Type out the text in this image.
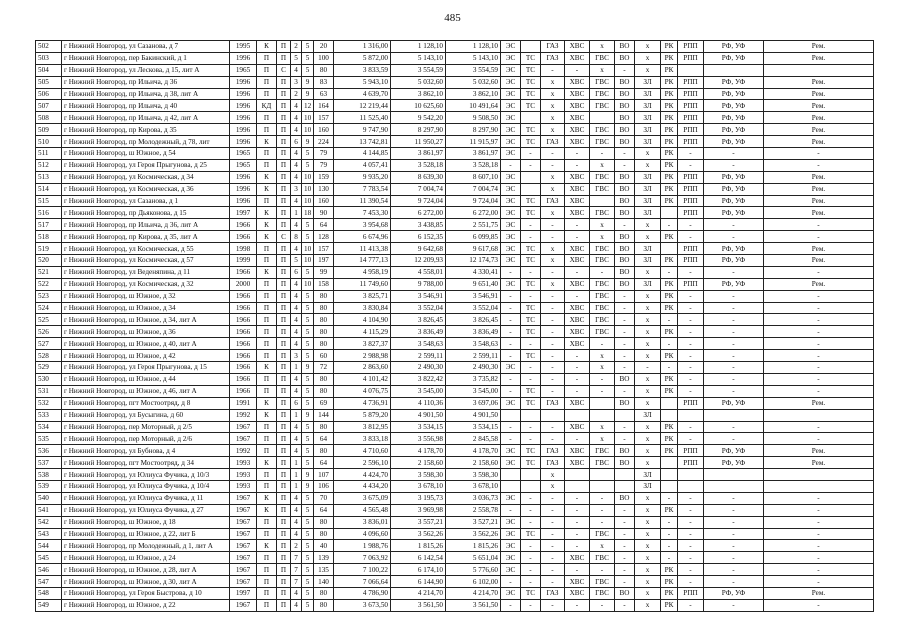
485
502	г Нижний Новгород, ул Сазанова, д 7	1995	К	П	2	5	20	1 316,00	1 128,10	1 128,10	ЭС		ГАЗ	ХВС	х	ВО	х	РК	РПП	РФ, УФ	Рем.
503	г Нижний Новгород, пер Бакинский, д 1	1996	П	П	5	5	100	5 872,00	5 143,10	5 143,10	ЭС	ТС	ГАЗ	ХВС	ГВС	ВО	х	РК	РПП	РФ, УФ	Рем.
504	г Нижний Новгород, ул Лескова, д 15, лит А	1965	П	С	4	5	80	3 833,59	3 554,59	3 554,59	ЭС	ТС	-	-	х	-	х	РК			
505	г Нижний Новгород, пр Ильича, д 36	1996	П	П	3	9	83	5 943,10	5 032,60	5 032,60	ЭС	ТС	х	ХВС	ГВС	ВО	ЗЛ	РК	РПП	РФ, УФ	Рем.
506	г Нижний Новгород, пр Ильича, д 38, лит А	1996	П	П	2	9	63	4 639,70	3 862,10	3 862,10	ЭС	ТС	х	ХВС	ГВС	ВО	ЗЛ	РК	РПП	РФ, УФ	Рем.
507	г Нижний Новгород, пр Ильича, д 40	1996	КД	П	4	12	164	12 219,44	10 625,60	10 491,64	ЭС	ТС	х	ХВС	ГВС	ВО	ЗЛ	РК	РПП	РФ, УФ	Рем.
508	г Нижний Новгород, пр Ильича, д 42, лит А	1996	П	П	4	10	157	11 525,40	9 542,20	9 508,50	ЭС		х	ХВС		ВО	ЗЛ	РК	РПП	РФ, УФ	Рем.
509	г Нижний Новгород, пр Кирова, д 35	1996	П	П	4	10	160	9 747,90	8 297,90	8 297,90	ЭС	ТС	х	ХВС	ГВС	ВО	ЗЛ	РК	РПП	РФ, УФ	Рем.
510	г Нижний Новгород, пр Молодежный, д 78, лит	1996	К	П	6	9	224	13 742,81	11 950,27	11 915,97	ЭС	ТС	ГАЗ	ХВС	ГВС	ВО	ЗЛ	РК	РПП	РФ, УФ	Рем.
511	г Нижний Новгород, ш Южное, д 54	1965	П	П	4	5	79	4 144,85	3 861,97	3 861,97	ЭС	-	-	-	-	-	х	РК	-	-	-
512	г Нижний Новгород, ул Героя Прыгунова, д 25	1965	П	П	4	5	79	4 057,41	3 528,18	3 528,18	-	-	-	-	х	-	х	РК	-	-	-
513	г Нижний Новгород, ул Космическая, д 34	1996	К	П	4	10	159	9 935,20	8 639,30	8 607,10	ЭС		х	ХВС	ГВС	ВО	ЗЛ	РК	РПП	РФ, УФ	Рем.
514	г Нижний Новгород, ул Космическая, д 36	1996	К	П	3	10	130	7 783,54	7 004,74	7 004,74	ЭС		х	ХВС	ГВС	ВО	ЗЛ	РК	РПП	РФ, УФ	Рем.
515	г Нижний Новгород, ул Сазанова, д 1	1996	П	П	4	10	160	11 390,54	9 724,04	9 724,04	ЭС	ТС	ГАЗ	ХВС		ВО	ЗЛ	РК	РПП	РФ, УФ	Рем.
516	г Нижний Новгород, пр Дьяконова, д 15	1997	К	П	1	18	90	7 453,30	6 272,00	6 272,00	ЭС	ТС	х	ХВС	ГВС	ВО	ЗЛ		РПП	РФ, УФ	Рем.
517	г Нижний Новгород, пр Ильича, д 36, лит А	1966	К	П	4	5	64	3 954,68	3 438,85	2 551,75	ЭС	-	-	-	х	-	х	-	-	-	-
518	г Нижний Новгород, пр Кирова, д 35, лит А	1966	К	С	8	5	128	6 674,96	6 152,35	6 099,85	ЭС	-	-	-	х	ВО	х	РК	-	-	-
519	г Нижний Новгород, ул Космическая, д 55	1998	П	П	4	10	157	11 413,38	9 642,68	9 617,68	ЭС	ТС	х	ХВС	ГВС	ВО	ЗЛ		РПП	РФ, УФ	Рем.
520	г Нижний Новгород, ул Космическая, д 57	1999	П	П	5	10	197	14 777,13	12 209,93	12 174,73	ЭС	ТС	х	ХВС	ГВС	ВО	ЗЛ	РК	РПП	РФ, УФ	Рем.
521	г Нижний Новгород, ул Веденяпина, д 11	1966	К	П	6	5	99	4 958,19	4 558,01	4 330,41	-	-	-	-	-	ВО	х	-	-	-	-
522	г Нижний Новгород, ул Космическая, д 32	2000	П	П	4	10	158	11 749,60	9 788,00	9 651,40	ЭС	ТС	х	ХВС	ГВС	ВО	ЗЛ	РК	РПП	РФ, УФ	Рем.
523	г Нижний Новгород, ш Южное, д 32	1966	П	П	4	5	80	3 825,71	3 546,91	3 546,91	-	-	-	-	ГВС	-	х	РК	-	-	-
524	г Нижний Новгород, ш Южное, д 34	1966	П	П	4	5	80	3 830,84	3 552,04	3 552,04	-	ТС	-	ХВС	ГВС	-	х	РК	-	-	-
525	г Нижний Новгород, ш Южное, д 34, лит А	1966	П	П	4	5	80	4 104,90	3 826,45	3 826,45	-	ТС	-	ХВС	ГВС	-	х	-	-	-	-
526	г Нижний Новгород, ш Южное, д 36	1966	П	П	4	5	80	4 115,29	3 836,49	3 836,49	-	ТС	-	ХВС	ГВС	-	х	РК	-	-	-
527	г Нижний Новгород, ш Южное, д 40, лит А	1966	П	П	4	5	80	3 827,37	3 548,63	3 548,63	-	-	-	ХВС	-	-	х	-	-	-	-
528	г Нижний Новгород, ш Южное, д 42	1966	П	П	3	5	60	2 988,98	2 599,11	2 599,11	-	ТС	-	-	х	-	х	РК	-	-	-
529	г Нижний Новгород, ул Героя Прыгунова, д 15	1966	К	П	1	9	72	2 863,60	2 490,30	2 490,30	ЭС	-	-	-	х	-	-	-	-	-	-
530	г Нижний Новгород, ш Южное, д 44	1966	П	П	4	5	80	4 101,42	3 822,42	3 735,82	-	-	-	-	-	ВО	х	РК	-	-	-
531	г Нижний Новгород, ш Южное, д 46, лит А	1966	П	П	4	5	80	4 076,75	3 545,00	3 545,00	-	ТС	-	-	-	-	х	РК	-	-	-
532	г Нижний Новгород, пгт Мостоотряд, д 8	1991	К	П	6	5	69	4 736,91	4 110,36	3 697,06	ЭС	ТС	ГАЗ	ХВС		ВО	х		РПП	РФ, УФ	Рем.
533	г Нижний Новгород, ул Бусыгина, д 60	1992	К	П	1	9	144	5 879,20	4 901,50	4 901,50							ЗЛ				
534	г Нижний Новгород, пер Моторный, д 2/5	1967	П	П	4	5	80	3 812,95	3 534,15	3 534,15	-	-	-	ХВС	х	-	х	РК	-	-	-
535	г Нижний Новгород, пер Моторный, д 2/6	1967	П	П	4	5	64	3 833,18	3 556,98	2 845,58	-	-	-	-	х	-	х	РК	-	-	-
536	г Нижний Новгород, ул Бубнова, д 4	1992	П	П	4	5	80	4 710,60	4 178,70	4 178,70	ЭС	ТС	ГАЗ	ХВС	ГВС	ВО	х	РК	РПП	РФ, УФ	Рем.
537	г Нижний Новгород, пгт Мостоотряд, д 34	1993	К	П	1	5	64	2 596,10	2 158,60	2 158,60	ЭС	ТС	ГАЗ	ХВС	ГВС	ВО	х		РПП	РФ, УФ	Рем.
538	г Нижний Новгород, ул Юлиуса Фучика, д 10/3	1993	П	П	1	9	107	4 424,70	3 598,30	3 598,30			х				ЗЛ				
539	г Нижний Новгород, ул Юлиуса Фучика, д 10/4	1993	П	П	1	9	106	4 434,20	3 678,10	3 678,10			х				ЗЛ				
540	г Нижний Новгород, ул Юлиуса Фучика, д 11	1967	К	П	4	5	70	3 675,09	3 195,73	3 036,73	ЭС	-	-	-	-	ВО	х	-	-	-	-
541	г Нижний Новгород, ул Юлиуса Фучика, д 27	1967	К	П	4	5	64	4 565,48	3 969,98	2 558,78	-	-	-	-	-	-	х	РК	-	-	-
542	г Нижний Новгород, ш Южное, д 18	1967	П	П	4	5	80	3 836,01	3 557,21	3 527,21	ЭС	-	-	-	-	-	х	-	-	-	-
543	г Нижний Новгород, ш Южное, д 22, лит Б	1967	П	П	4	5	80	4 096,60	3 562,26	3 562,26	ЭС	ТС	-	-	ГВС	-	х	-	-	-	-
544	г Нижний Новгород, пр Молодежный, д 1, лит А	1967	К	П	2	5	40	1 988,76	1 815,26	1 815,26	ЭС	-	-	-	х	-	х	-	-	-	-
545	г Нижний Новгород, ш Южное, д 24	1967	П	П	7	5	139	7 063,92	6 142,54	5 651,04	ЭС	-	-	ХВС	ГВС	-	х	-	-	-	-
546	г Нижний Новгород, ш Южное, д 28, лит А	1967	П	П	7	5	135	7 100,22	6 174,10	5 776,60	ЭС	-	-	-	-	-	х	РК	-	-	-
547	г Нижний Новгород, ш Южное, д 30, лит А	1967	П	П	7	5	140	7 066,64	6 144,90	6 102,00	-	-	-	ХВС	ГВС	-	х	РК	-	-	-
548	г Нижний Новгород, ул Героя Быстрова, д 10	1997	П	П	4	5	80	4 786,90	4 214,70	4 214,70	ЭС	ТС	ГАЗ	ХВС	ГВС	ВО	х	РК	РПП	РФ, УФ	Рем.
549	г Нижний Новгород, ш Южное, д 22	1967	П	П	4	5	80	3 673,50	3 561,50	3 561,50	-	-	-	-	-	-	х	РК	-	-	-
